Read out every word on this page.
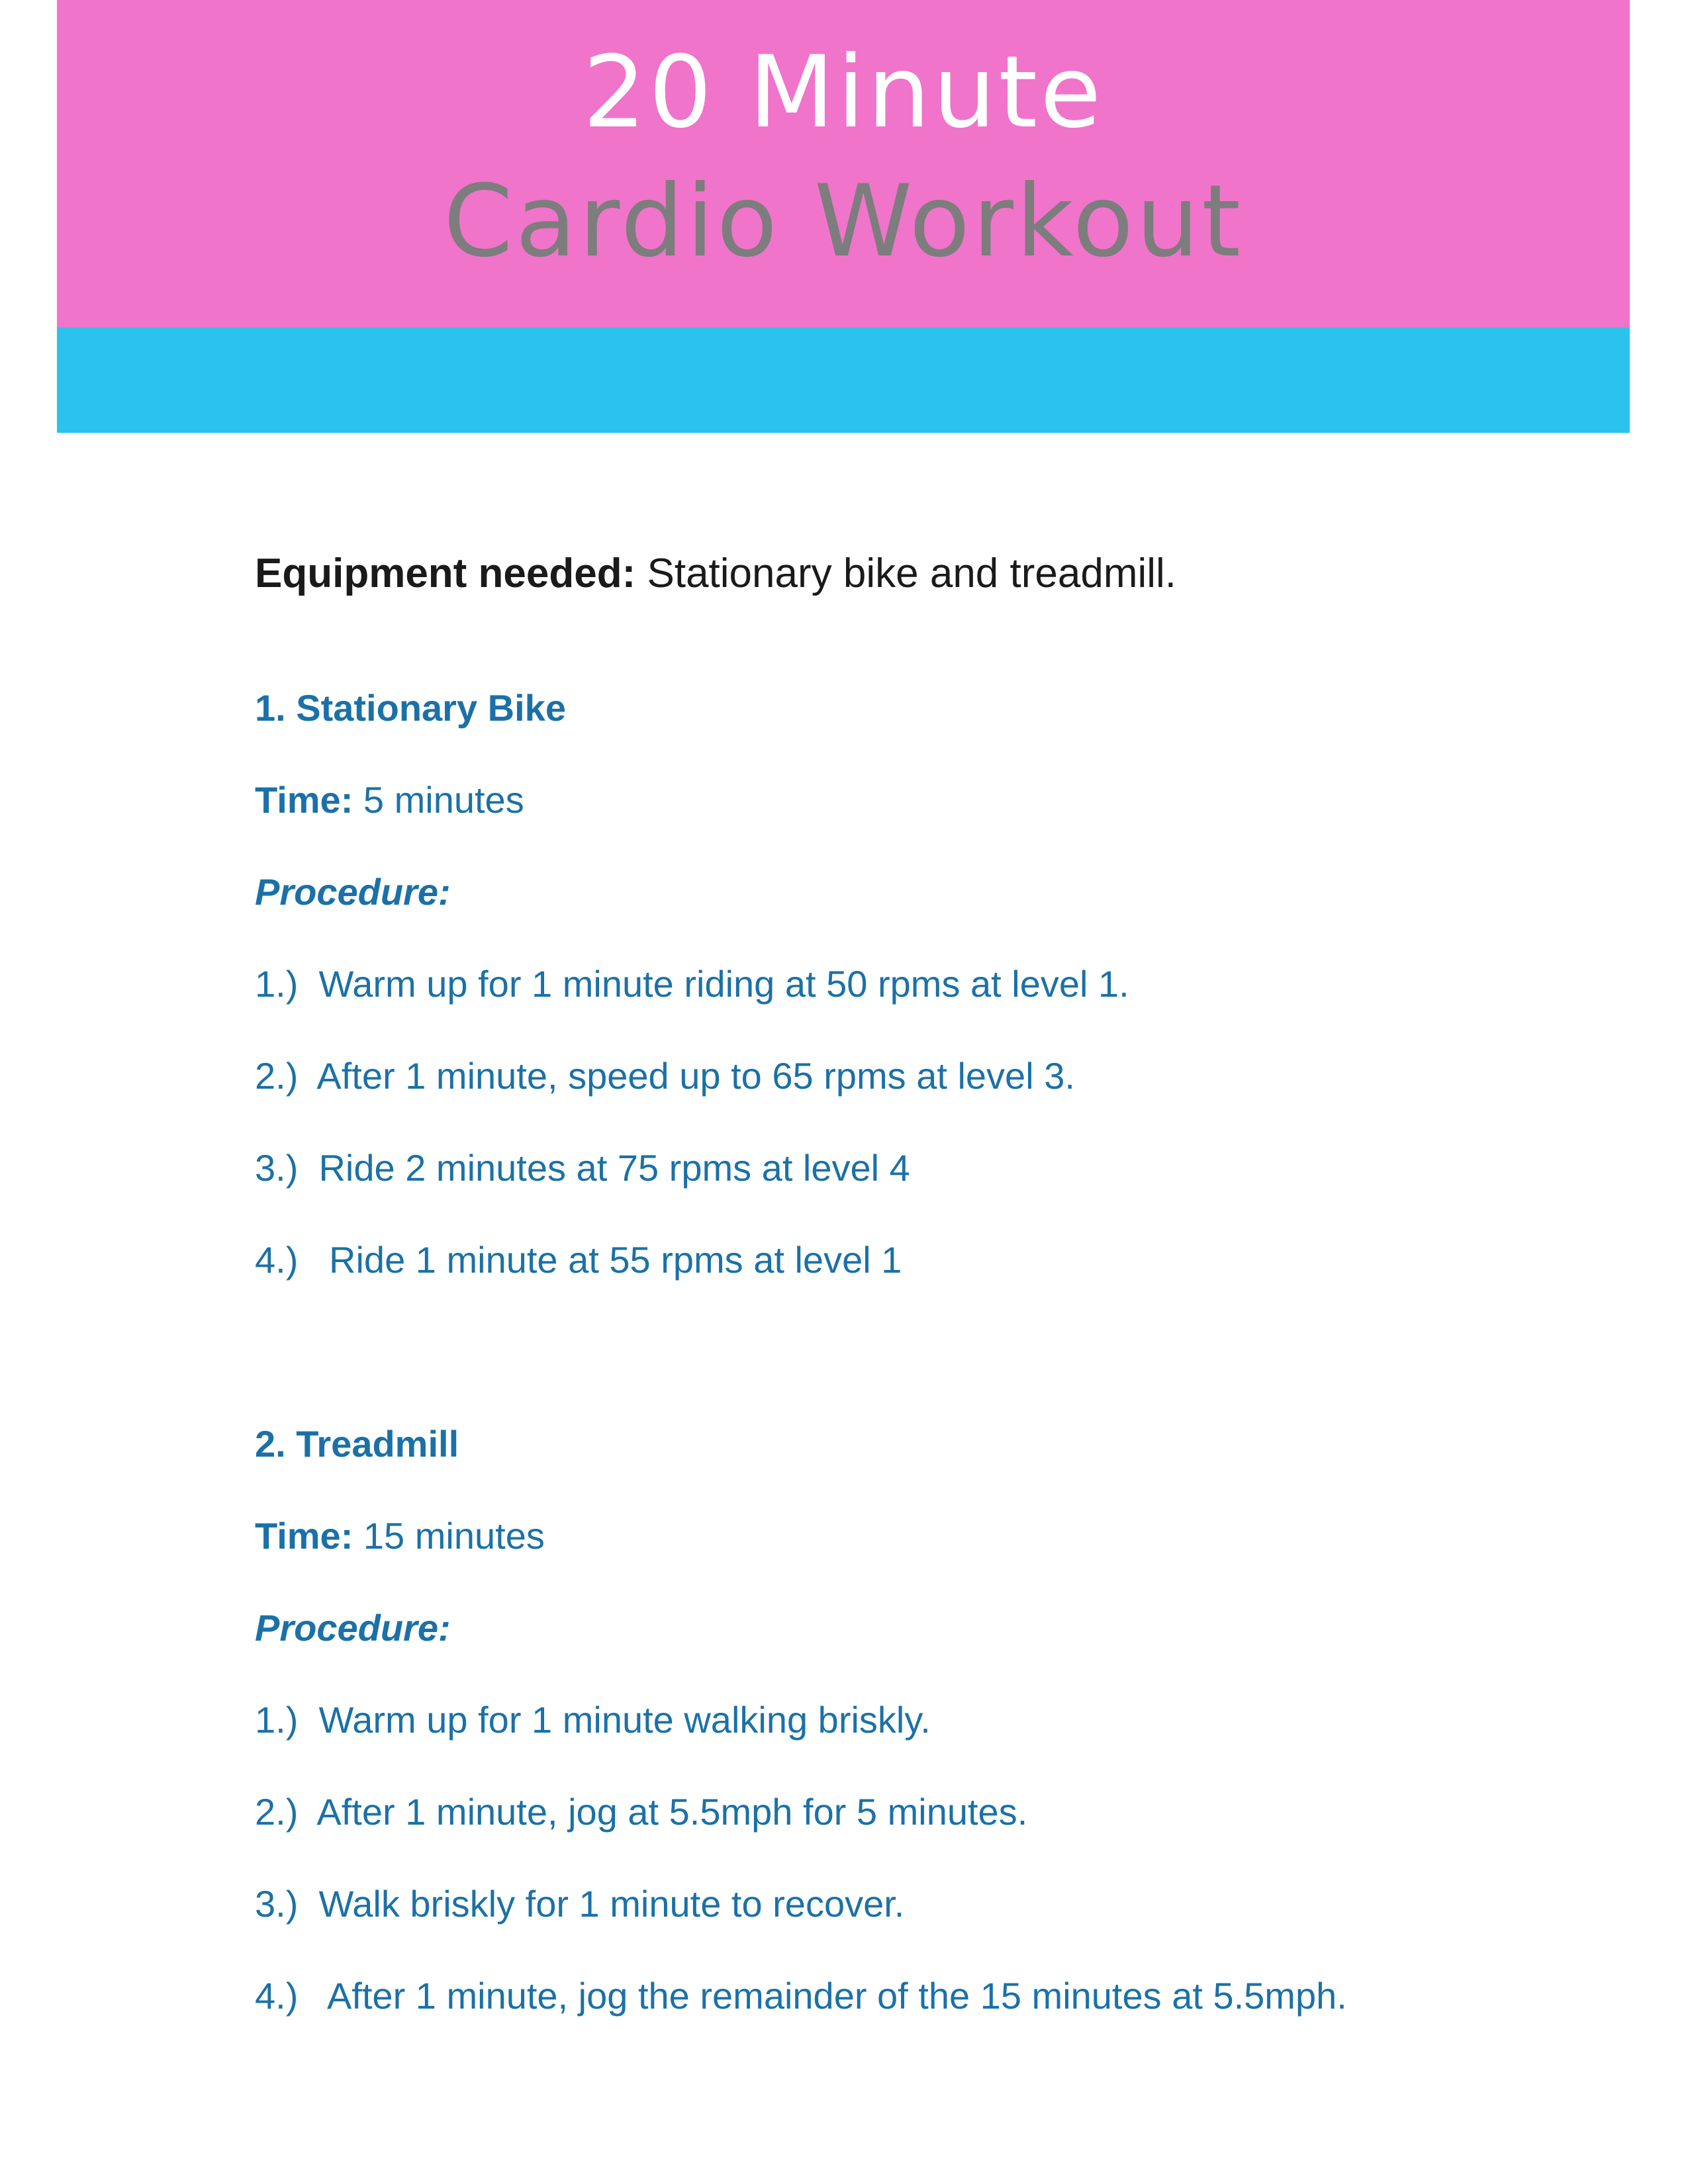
20 Minute
Cardio Workout
Equipment needed: Stationary bike and treadmill.
1. Stationary Bike
Time: 5 minutes
Procedure:
1.) Warm up for 1 minute riding at 50 rpms at level 1.
2.) After 1 minute, speed up to 65 rpms at level 3.
3.) Ride 2 minutes at 75 rpms at level 4
4.)   Ride 1 minute at 55 rpms at level 1
2. Treadmill
Time: 15 minutes
Procedure:
1.) Warm up for 1 minute walking briskly.
2.) After 1 minute, jog at 5.5mph for 5 minutes.
3.) Walk briskly for 1 minute to recover.
4.)   After 1 minute, jog the remainder of the 15 minutes at 5.5mph.
